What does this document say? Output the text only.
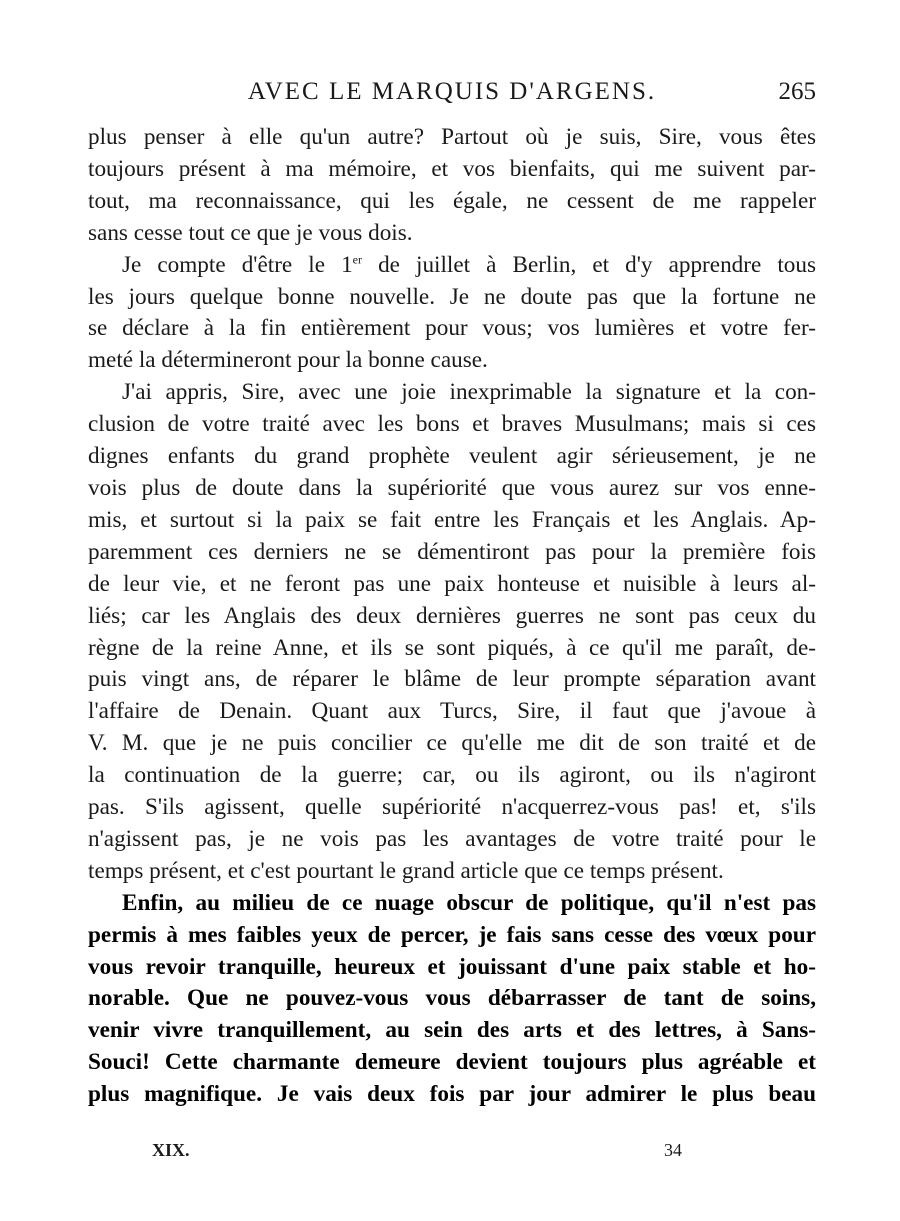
AVEC LE MARQUIS D'ARGENS.	265

plus penser à elle qu'un autre? Partout où je suis, Sire, vous êtes
toujours présent à ma mémoire, et vos bienfaits, qui me suivent par-
tout, ma reconnaissance, qui les égale, ne cessent de me rappeler
sans cesse tout ce que je vous dois.

Je compte d'être le 1er de juillet à Berlin, et d'y apprendre tous
les jours quelque bonne nouvelle. Je ne doute pas que la fortune ne
se déclare à la fin entièrement pour vous; vos lumières et votre fer-
meté la détermineront pour la bonne cause.

J'ai appris, Sire, avec une joie inexprimable la signature et la con-
clusion de votre traité avec les bons et braves Musulmans; mais si ces
dignes enfants du grand prophète veulent agir sérieusement, je ne
vois plus de doute dans la supériorité que vous aurez sur vos enne-
mis, et surtout si la paix se fait entre les Français et les Anglais. Ap-
paremment ces derniers ne se démentiront pas pour la première fois
de leur vie, et ne feront pas une paix honteuse et nuisible à leurs al-
liés; car les Anglais des deux dernières guerres ne sont pas ceux du
règne de la reine Anne, et ils se sont piqués, à ce qu'il me paraît, de-
puis vingt ans, de réparer le blâme de leur prompte séparation avant
l'affaire de Denain. Quant aux Turcs, Sire, il faut que j'avoue à
V. M. que je ne puis concilier ce qu'elle me dit de son traité et de
la continuation de la guerre; car, ou ils agiront, ou ils n'agiront
pas. S'ils agissent, quelle supériorité n'acquerrez-vous pas! et, s'ils
n'agissent pas, je ne vois pas les avantages de votre traité pour le
temps présent, et c'est pourtant le grand article que ce temps présent.

Enfin, au milieu de ce nuage obscur de politique, qu'il n'est pas
permis à mes faibles yeux de percer, je fais sans cesse des vœux pour
vous revoir tranquille, heureux et jouissant d'une paix stable et ho-
norable. Que ne pouvez-vous vous débarrasser de tant de soins,
venir vivre tranquillement, au sein des arts et des lettres, à Sans-
Souci! Cette charmante demeure devient toujours plus agréable et
plus magnifique. Je vais deux fois par jour admirer le plus beau

XIX.	34
